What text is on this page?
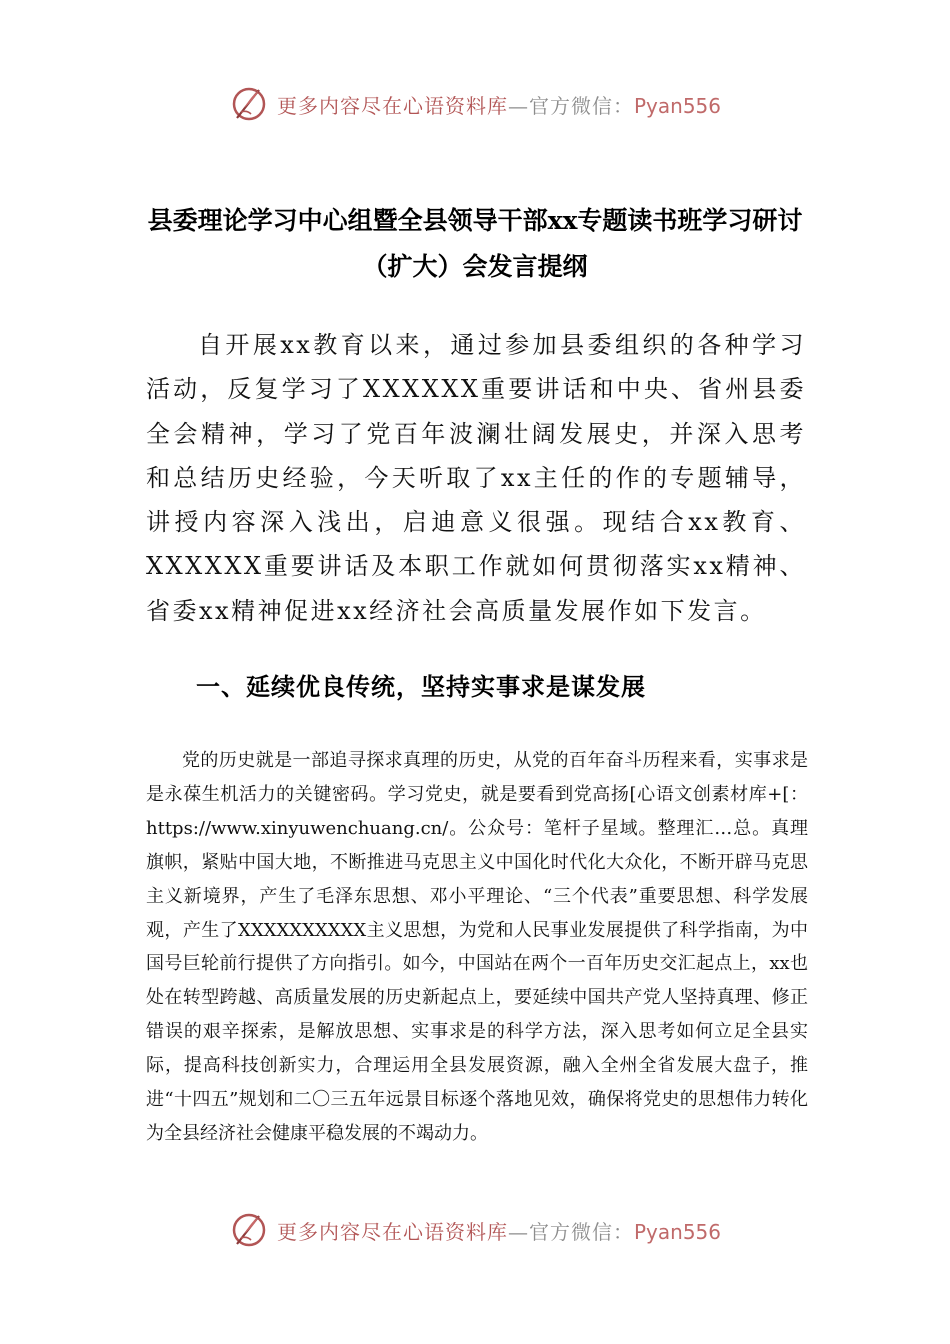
更多内容尽在心语资料库—官方微信：Pyan556
县委理论学习中心组暨全县领导干部xx专题读书班学习研讨（扩大）会发言提纲
自开展xx教育以来，通过参加县委组织的各种学习活动，反复学习了XXXXXX重要讲话和中央、省州县委全会精神，学习了党百年波澜壮阔发展史，并深入思考和总结历史经验，今天听取了xx主任的作的专题辅导，讲授内容深入浅出，启迪意义很强。现结合xx教育、XXXXXX重要讲话及本职工作就如何贯彻落实xx精神、省委xx精神促进xx经济社会高质量发展作如下发言。
一、延续优良传统，坚持实事求是谋发展
党的历史就是一部追寻探求真理的历史，从党的百年奋斗历程来看，实事求是是永葆生机活力的关键密码。学习党史，就是要看到党高扬[心语文创素材库+[：https://www.xinyuwenchuang.cn/。公众号：笔杆子星域。整理汇…总。真理旗帜，紧贴中国大地，不断推进马克思主义中国化时代化大众化，不断开辟马克思主义新境界，产生了毛泽东思想、邓小平理论、“三个代表”重要思想、科学发展观，产生了XXXXXXXXXX主义思想，为党和人民事业发展提供了科学指南，为中国号巨轮前行提供了方向指引。如今，中国站在两个一百年历史交汇起点上，xx也处在转型跨越、高质量发展的历史新起点上，要延续中国共产党人坚持真理、修正错误的艰辛探索，是解放思想、实事求是的科学方法，深入思考如何立足全县实际，提高科技创新实力，合理运用全县发展资源，融入全州全省发展大盘子，推进“十四五”规划和二〇三五年远景目标逐个落地见效，确保将党史的思想伟力转化为全县经济社会健康平稳发展的不竭动力。
更多内容尽在心语资料库—官方微信：Pyan556
